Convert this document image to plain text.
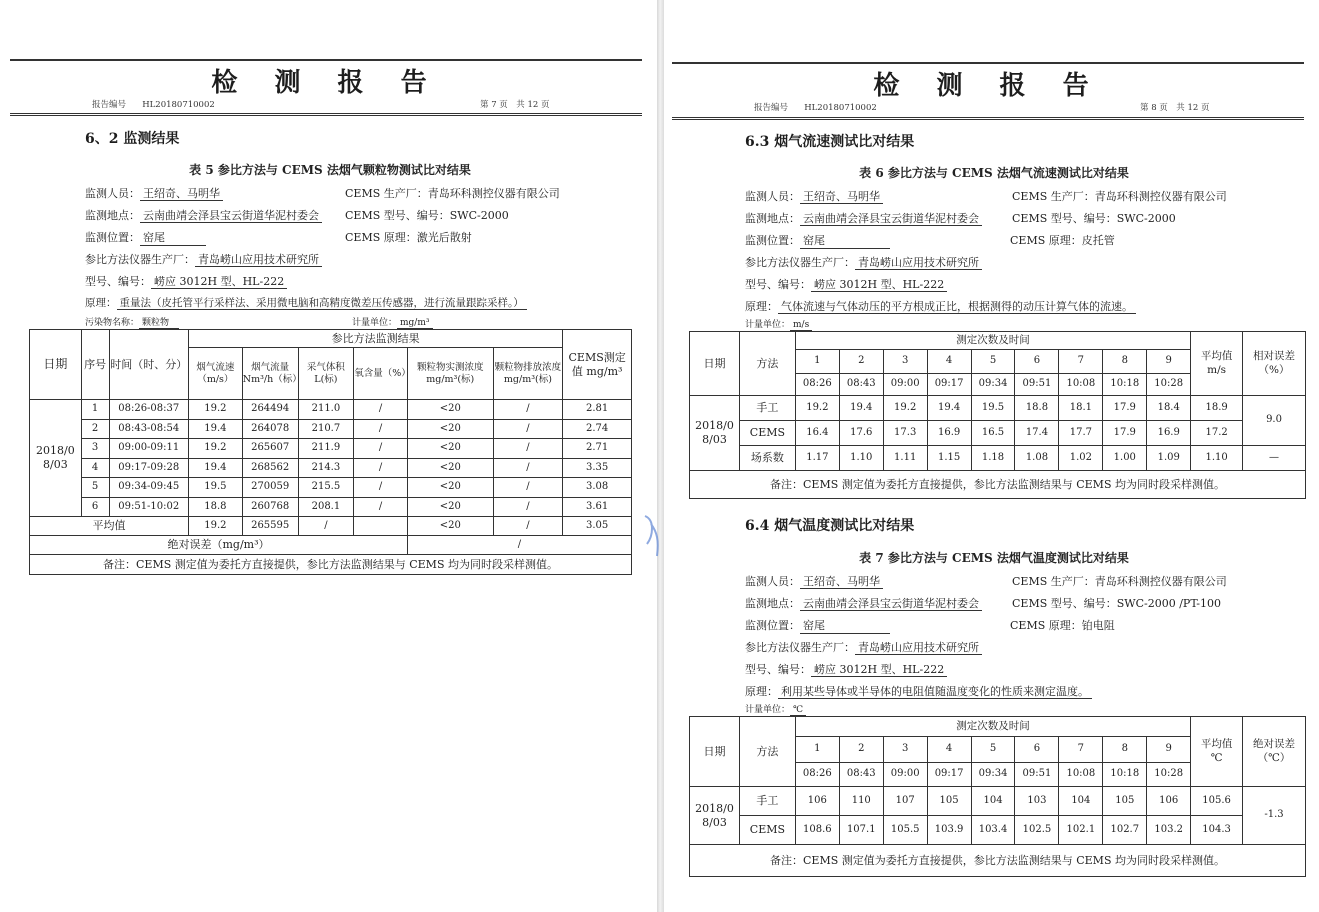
检 测 报 告
报告编号 HL20180710002	第 7 页　共 12 页
6、2 监测结果
表 5 参比方法与 CEMS 法烟气颗粒物测试比对结果
监测人员： 王绍奇、马明华	CEMS 生产厂：青岛环科测控仪器有限公司
监测地点： 云南曲靖会泽县宝云街道华泥村委会 CEMS 型号、编号：SWC-2000
监测位置： 窑尾	CEMS 原理：激光后散射
参比方法仪器生产厂： 青岛崂山应用技术研究所
型号、编号： 崂应 3012H 型、HL-222
原理： 重量法（皮托管平行采样法、采用微电脑和高精度微差压传感器，进行流量跟踪采样。）
污染物名称： 颗粒物	计量单位： mg/m³
日期	序号	时间（时、分）	参比方法监测结果						CEMS测定值 mg/m³
			烟气流速（m/s）	烟气流量 Nm³/h（标）	采气体积 L(标)	氧含量（%）	颗粒物实测浓度 mg/m³(标)	颗粒物排放浓度 mg/m³(标)	
2018/0 8/03	1	08:26-08:37	19.2	264494	211.0	/	<20	/	2.81
	2	08:43-08:54	19.4	264078	210.7	/	<20	/	2.74
	3	09:00-09:11	19.2	265607	211.9	/	<20	/	2.71
	4	09:17-09:28	19.4	268562	214.3	/	<20	/	3.35
	5	09:34-09:45	19.5	270059	215.5	/	<20	/	3.08
	6	09:51-10:02	18.8	260768	208.1	/	<20	/	3.61
平均值			19.2	265595	/		<20	/	3.05
绝对误差（mg/m³）							/		
备注：CEMS 测定值为委托方直接提供，参比方法监测结果与 CEMS 均为同时段采样测值。									
检 测 报 告
报告编号 HL20180710002	第 8 页　共 12 页
6.3 烟气流速测试比对结果
表 6 参比方法与 CEMS 法烟气流速测试比对结果
监测人员： 王绍奇、马明华	CEMS 生产厂：青岛环科测控仪器有限公司
监测地点： 云南曲靖会泽县宝云街道华泥村委会	CEMS 型号、编号：SWC-2000
监测位置： 窑尾	CEMS 原理：皮托管
参比方法仪器生产厂： 青岛崂山应用技术研究所
型号、编号： 崂应 3012H 型、HL-222
原理： 气体流速与气体动压的平方根成正比，根据测得的动压计算气体的流速。
计量单位： m/s
日期	方法	测定次数及时间									平均值 m/s	相对误差（%）
		1	2	3	4	5	6	7	8	9		
		08:26	08:43	09:00	09:17	09:34	09:51	10:08	10:18	10:28		
2018/0 8/03	手工	19.2	19.4	19.2	19.4	19.5	18.8	18.1	17.9	18.4	18.9	9.0
	CEMS	16.4	17.6	17.3	16.9	16.5	17.4	17.7	17.9	16.9	17.2	
	场系数	1.17	1.10	1.11	1.15	1.18	1.08	1.02	1.00	1.09	1.10	—
备注：CEMS 测定值为委托方直接提供，参比方法监测结果与 CEMS 均为同时段采样测值。												
6.4 烟气温度测试比对结果
表 7 参比方法与 CEMS 法烟气温度测试比对结果
监测人员： 王绍奇、马明华	CEMS 生产厂：青岛环科测控仪器有限公司
监测地点： 云南曲靖会泽县宝云街道华泥村委会	CEMS 型号、编号：SWC-2000 /PT-100
监测位置： 窑尾	CEMS 原理：铂电阻
参比方法仪器生产厂： 青岛崂山应用技术研究所
型号、编号： 崂应 3012H 型、HL-222
原理： 利用某些导体或半导体的电阻值随温度变化的性质来测定温度。
计量单位： ℃
日期	方法	测定次数及时间									平均值 ℃	绝对误差（℃）
		1	2	3	4	5	6	7	8	9		
		08:26	08:43	09:00	09:17	09:34	09:51	10:08	10:18	10:28		
2018/0 8/03	手工	106	110	107	105	104	103	104	105	106	105.6	-1.3
	CEMS	108.6	107.1	105.5	103.9	103.4	102.5	102.1	102.7	103.2	104.3	
备注：CEMS 测定值为委托方直接提供，参比方法监测结果与 CEMS 均为同时段采样测值。												
